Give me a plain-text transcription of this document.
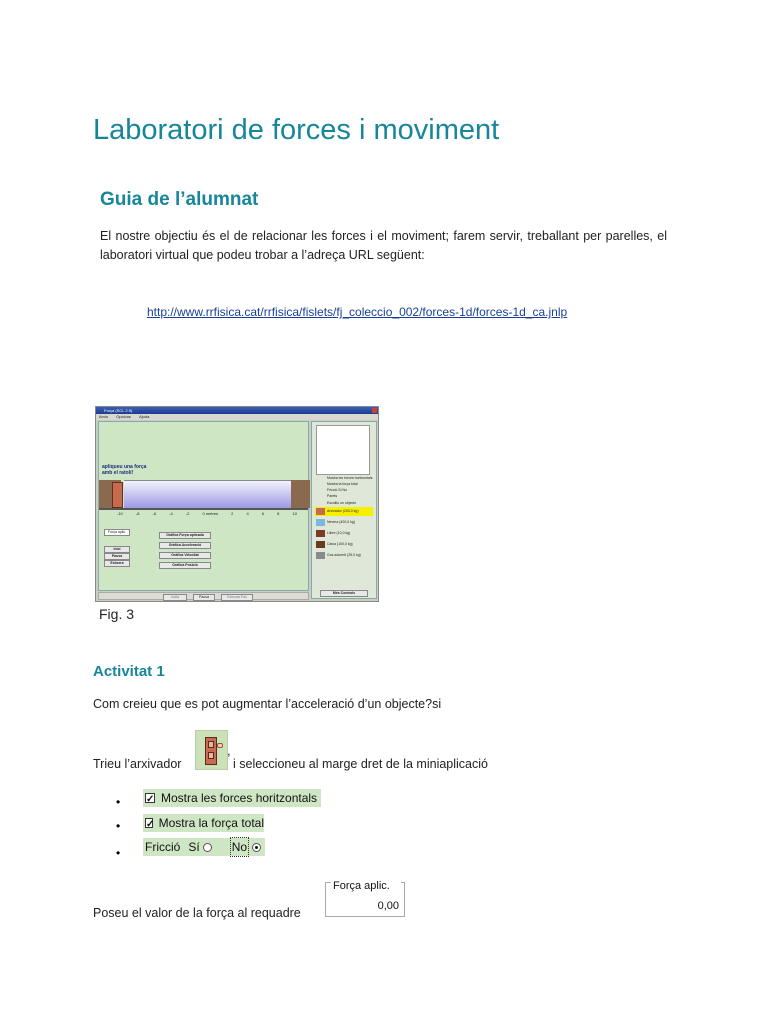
Laboratori de forces i moviment
Guia de l’alumnat

El nostre objectiu és el de relacionar les forces i el moviment; farem servir, treballant per parelles, el laboratori virtual que podeu trobar a l’adreça URL següent:

http://www.rrfisica.cat/rrfisica/fislets/fj_coleccio_002/forces-1d/forces-1d_ca.jnlp
Força (SCL 2.9)
Arxiu Opcions Ajuda
apliqueu una força
amb el ratolí!
-10	-8	-6	-4	-2	0 metres	2	4	6	8	10
Força aplic.
Inici
Pausa
Esborra
Gràfica Força aplicada
Gràfica Acceleració
Gràfica Velocitat
Gràfica Posició
Mostra les forces horitzontals
Mostra la força total
Fricció Sí No
Parets
Escolliu un objecte
Arxivador (200,0 kg)
Nevera (400,0 kg)
Llibre (10,0 kg)
Caixa (100,0 kg)
Gos adormit (25,0 kg)
Més Controls
Inicia	Pausa	Executa Pas
Fig. 3
Activitat 1
Com creieu que es pot augmentar l’acceleració d’un objecte?si
Trieu l’arxivador
,
i seleccioneu al marge dret de la miniaplicació
• ✓	Mostra les forces horitzontals
• ✓	Mostra la força total
• Fricció Sí	No
Poseu el valor de la força al requadre
Força aplic.
0,00
